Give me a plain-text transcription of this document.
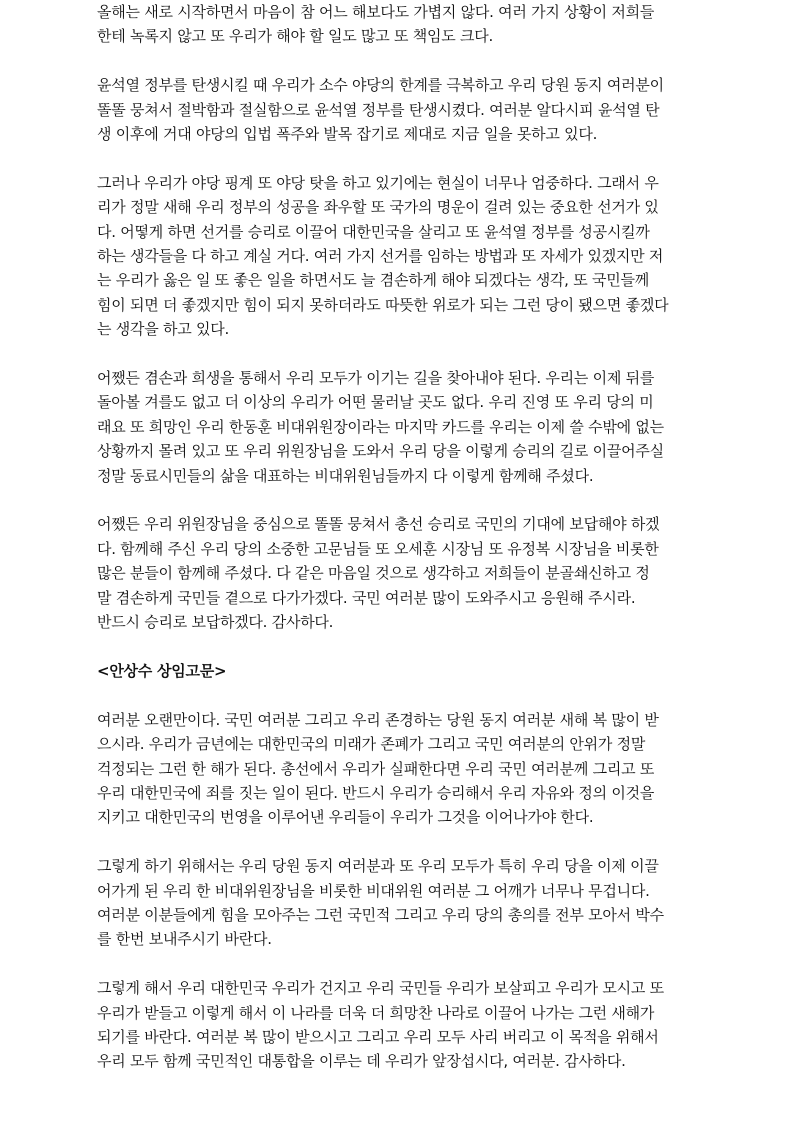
올해는 새로 시작하면서 마음이 참 어느 해보다도 가볍지 않다. 여러 가지 상황이 저희들
한테 녹록지 않고 또 우리가 해야 할 일도 많고 또 책임도 크다.

윤석열 정부를 탄생시킬 때 우리가 소수 야당의 한계를 극복하고 우리 당원 동지 여러분이
똘똘 뭉쳐서 절박함과 절실함으로 윤석열 정부를 탄생시켰다. 여러분 알다시피 윤석열 탄
생 이후에 거대 야당의 입법 폭주와 발목 잡기로 제대로 지금 일을 못하고 있다.

그러나 우리가 야당 핑계 또 야당 탓을 하고 있기에는 현실이 너무나 엄중하다. 그래서 우
리가 정말 새해 우리 정부의 성공을 좌우할 또 국가의 명운이 걸려 있는 중요한 선거가 있
다. 어떻게 하면 선거를 승리로 이끌어 대한민국을 살리고 또 윤석열 정부를 성공시킬까
하는 생각들을 다 하고 계실 거다. 여러 가지 선거를 임하는 방법과 또 자세가 있겠지만 저
는 우리가 옳은 일 또 좋은 일을 하면서도 늘 겸손하게 해야 되겠다는 생각, 또 국민들께
힘이 되면 더 좋겠지만 힘이 되지 못하더라도 따뜻한 위로가 되는 그런 당이 됐으면 좋겠다
는 생각을 하고 있다.

어쨌든 겸손과 희생을 통해서 우리 모두가 이기는 길을 찾아내야 된다. 우리는 이제 뒤를
돌아볼 겨를도 없고 더 이상의 우리가 어떤 물러날 곳도 없다. 우리 진영 또 우리 당의 미
래요 또 희망인 우리 한동훈 비대위원장이라는 마지막 카드를 우리는 이제 쓸 수밖에 없는
상황까지 몰려 있고 또 우리 위원장님을 도와서 우리 당을 이렇게 승리의 길로 이끌어주실
정말 동료시민들의 삶을 대표하는 비대위원님들까지 다 이렇게 함께해 주셨다.

어쨌든 우리 위원장님을 중심으로 똘똘 뭉쳐서 총선 승리로 국민의 기대에 보답해야 하겠
다. 함께해 주신 우리 당의 소중한 고문님들 또 오세훈 시장님 또 유정복 시장님을 비롯한
많은 분들이 함께해 주셨다. 다 같은 마음일 것으로 생각하고 저희들이 분골쇄신하고 정
말 겸손하게 국민들 곁으로 다가가겠다. 국민 여러분 많이 도와주시고 응원해 주시라.
반드시 승리로 보답하겠다. 감사하다.

<안상수 상임고문>

여러분 오랜만이다. 국민 여러분 그리고 우리 존경하는 당원 동지 여러분 새해 복 많이 받
으시라. 우리가 금년에는 대한민국의 미래가 존폐가 그리고 국민 여러분의 안위가 정말
걱정되는 그런 한 해가 된다. 총선에서 우리가 실패한다면 우리 국민 여러분께 그리고 또
우리 대한민국에 죄를 짓는 일이 된다. 반드시 우리가 승리해서 우리 자유와 정의 이것을
지키고 대한민국의 번영을 이루어낸 우리들이 우리가 그것을 이어나가야 한다.

그렇게 하기 위해서는 우리 당원 동지 여러분과 또 우리 모두가 특히 우리 당을 이제 이끌
어가게 된 우리 한 비대위원장님을 비롯한 비대위원 여러분 그 어깨가 너무나 무겁니다.
여러분 이분들에게 힘을 모아주는 그런 국민적 그리고 우리 당의 총의를 전부 모아서 박수
를 한번 보내주시기 바란다.

그렇게 해서 우리 대한민국 우리가 건지고 우리 국민들 우리가 보살피고 우리가 모시고 또
우리가 받들고 이렇게 해서 이 나라를 더욱 더 희망찬 나라로 이끌어 나가는 그런 새해가
되기를 바란다. 여러분 복 많이 받으시고 그리고 우리 모두 사리 버리고 이 목적을 위해서
우리 모두 함께 국민적인 대통합을 이루는 데 우리가 앞장섭시다, 여러분. 감사하다.
